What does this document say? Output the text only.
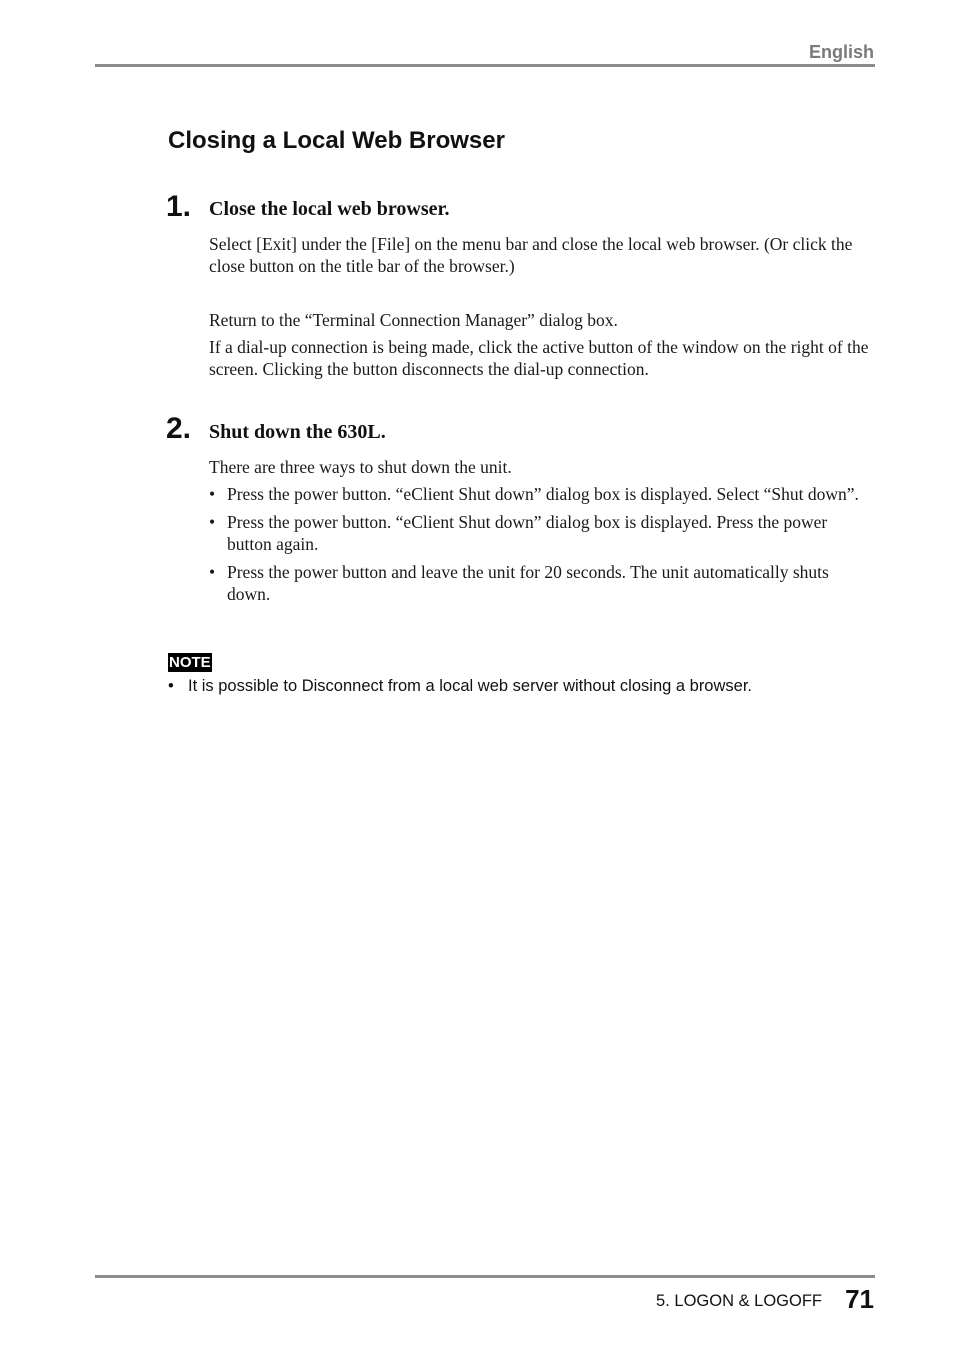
English
Closing a Local Web Browser
1. Close the local web browser.

Select [Exit] under the [File] on the menu bar and close the local web browser. (Or click the close button on the title bar of the browser.)

Return to the “Terminal Connection Manager” dialog box.

If a dial-up connection is being made, click the active button of the window on the right of the screen. Clicking the button disconnects the dial-up connection.

2. Shut down the 630L.

There are three ways to shut down the unit.

• Press the power button. “eClient Shut down” dialog box is displayed. Select “Shut down”.
• Press the power button. “eClient Shut down” dialog box is displayed. Press the power button again.
• Press the power button and leave the unit for 20 seconds. The unit automatically shuts down.
NOTE
• It is possible to Disconnect from a local web server without closing a browser.
5. LOGON & LOGOFF 71
